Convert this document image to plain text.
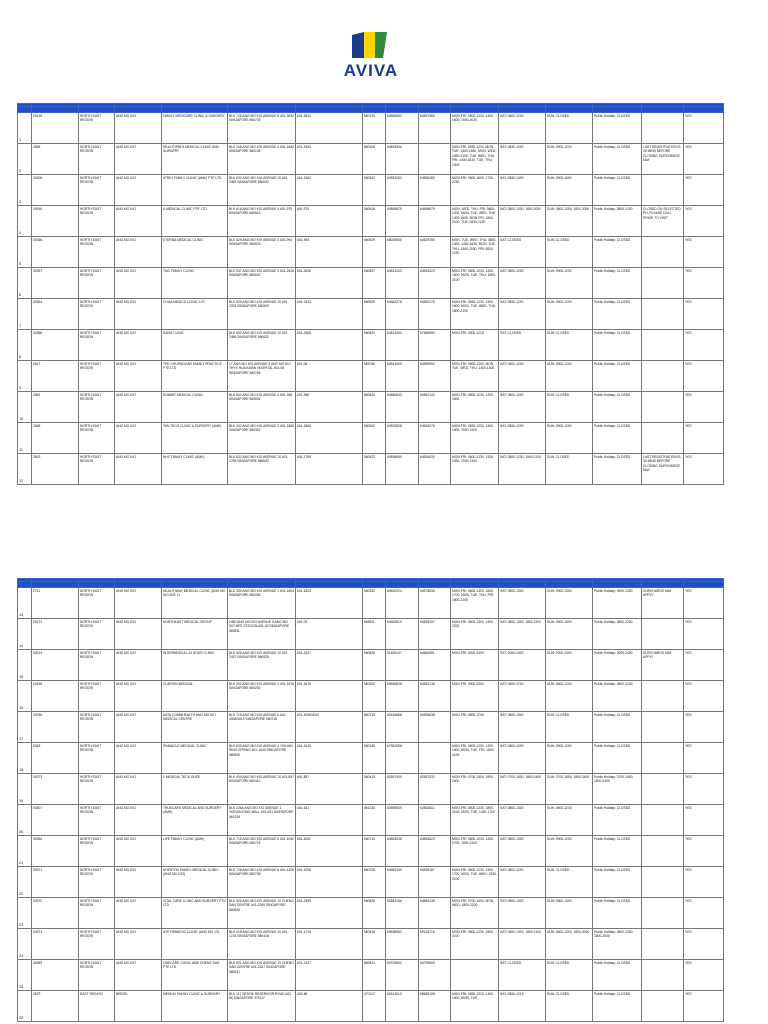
AVIVA

1	00139	NORTH EAST REGION	ANG MO KIO	FAMILY MEDICARE CLINIC & SURGERY	BLK 725 ANG MO KIO AVENUE 6 #01-3833 SINGAPORE 560725	#01-3833	560725	64566682	64597580	MON-FRI: 0800-1230, 1400-1600, 1900-2030	SAT: 0800-1230	SUN: CLOSED	Public Holiday: CLOSED		YES
2	2898	NORTH EAST REGION	ANG MO KIO	HEALTHPATH MEDICAL CLINIC AND SURGERY	BLK 108 ANG MO KIO AVENUE 4 #01-1653 SINGAPORE 560108	#01-1653	560108	64833936		MON-FRI: 0830-1230, MON, TUE: 1400-1630, MON, WED: 1830-2100, TUE, WED, THU, FRI: 1400-1630, TUE, THU: 1900	SAT: 0830-1230	SUN: 0900-1230	Public Holiday: CLOSED	LAST REGISTRATION IS 30 MINS BEFORE CLOSING SURCHARGE MAY	YES
3	00305	NORTH EAST REGION	ANG MO KIO	ATRIO FAMILY CLINIC (AMK) PTE LTD	BLK 632 ANG MO KIO AVENUE 10 #01-2462 SINGAPORE 560632	#01-2462	560632	64553282	64556280	MON-FRI: 0800-1600, 1730-2230	SAT: 0830-1400	SUN: 0900-1600	Public Holiday: CLOSED		YES
4	00916	NORTH EAST REGION	ANG MO KIO	K MEDICAL CLINIC PTE LTD	BLK 616 ANG MO KIO AVENUE 4 #01-975 SINGAPORE 560616	#01-975	560616	64545675	64546675	MON, WED, THU, FRI: 0800-1200, MON, TUE, WED, THU: 1400-1600, MON-FRI: 1800-2100, TUE: 0830-1230	SAT: 0800-1200, 1800-2000	SUN: 0800-1200, 1800-2000	Public Holiday: 0800-1200	CLOSED ON SELECTED PH, PLEASE CALL PRIOR TO VISIT	YES
5	00166	NORTH EAST REGION	ANG MO KIO	ETERNA MEDICAL CLINIC	BLK 629 ANG MO KIO AVENUE 4 #01-994 SINGAPORE 560629	#01-994	560629	68025850	64529780	MON, TUE, WED, THU: 0800-1300, 1400-1630, MON, TUE, THU: 1800-2030, FRI: 0830-1230	SAT: CLOSED	SUN: CLOSED	Public Holiday: CLOSED		YES
6	00397	NORTH EAST REGION	ANG MO KIO	TNG FAMILY CLINIC	BLK 537 ANG MO KIO AVENUE 3 #01-2526 SINGAPORE 560537	#01-2526	560537	64541203	64543220	MON-FRI: 0800-1230, 1400-1600, MON, TUE, THU: 1800-2100	SAT: 0800-1230	SUN: 0900-1230	Public Holiday: CLOSED		YES
7	00364	NORTH EAST REGION	ANG MO KIO	CHUA MEDICO CLINIC LLP	BLK 529 ANG MO KIO AVENUE 10 #01-2323 SINGAPORE 560529	#01-2323	560529	64562275	64562275	MON-FRI: 0830-1230, 1400-1600, MON, TUE, WED, THU: 1800-2100	SAT: 0830-1230	SUN: 0900-1230	Public Holiday: CLOSED		YES
8	00366	NORTH EAST REGION	ANG MO KIO	KANG CLINIC	BLK 632 ANG MO KIO AVENUE 10 #01-2465 SINGAPORE 560632	#01-2465	560632	64813364	67658590	MON-FRI: 0900-1215	SAT: CLOSED	SUN: CLOSED	Public Holiday: CLOSED		YES
9	2817	NORTH EAST REGION	ANG MO KIO	THE CHURNDOAR FAMILY PRACTICE PTE LTD	17 ANG MO KIO AVENUE 9 ANG MO KIO THYE HUA KWAN HOSPITAL #01-06 SINGAPORE 569766	#01-06	569766	64541009	64556992	MON-FRI: 0800-1200, MON, TUE, WED, THU: 1400-1600	SAT: 0800-1230	SUN: 0900-1200	Public Holiday: CLOSED		YES
10	2682	NORTH EAST REGION	ANG MO KIO	SUMMIT MEDICAL CLINIC	BLK 632 ANG MO KIO AVENUE 4 #01-956 SINGAPORE 560632	#01-956	560632	64560843	64562143	MON-FRI: 0800-1230, 1330-1500	SAT: 0800-1230	SUN: CLOSED	Public Holiday: CLOSED		YES
11	2668	NORTH EAST REGION	ANG MO KIO	TAN TECH CLINIC & SURGERY (AMK)	BLK 302 ANG MO KIO AVENUE 3 #01-1866 SINGAPORE 560302	#01-1866	560302	64520828	64526278	MON-FRI: 0830-1230, 1400-1600, 1900-2100	SAT: 0830-1230	SUN: 0900-1200	Public Holiday: CLOSED		YES
12	2503	NORTH EAST REGION	ANG MO KIO	NHC FAMILY CLINIC (AMK)	BLK 632 ANG MO KIO AVENUE 10 #01-1789 SINGAPORE 560632	#01-1789	560632	64536950	64526430	MON-FRI: 0800-1230, 1330-1530, 1900-2100	SAT: 0800-1230, 1900-2100	SUN: CLOSED	Public Holiday: CLOSED	LAST REGISTRATION IS 30 MINS BEFORE CLOSING SURCHARGE MAY	YES

13	2741	NORTH EAST REGION	ANG MO KIO	HEALTHWAY MEDICAL CLINIC (ANG MO KIO AVE 1)	BLK 330 ANG MO KIO AVENUE 1 #01-1803 SINGAPORE 560330	#01-1803	560330	65540024	64578636	MON-FRI: 0800-1400, 1800-1700, MON, TUE, THU, FRI: 1800-2100	SAT: 0800-1300	SUN: 0900-1300	Public Holiday: 0900-1300	SURCHARGE MAY APPLY	YES
14	00172	NORTH EAST REGION	ANG MO KIO	NORTHEAST MEDICAL GROUP	2450 ANG MO KIO AVENUE 8 ANG MO KIO MRT STATION #01-02 SINGAPORE 569811	#01-02	569811	64563810	64535197	MON-FRI: 0800-1300, 1400-2200	SAT: 0800-1300, 1800-2200	SUN: 0900-1600	Public Holiday: 0800-2200		YES
15	00219	NORTH EAST REGION	ANG MO KIO	INTERMEDICAL 24 HOUR CLINIC	BLK 525 ANG MO KIO AVENUE 10 #01-2437 SINGAPORE 560525	#01-2437	560525	31630147	64660891	MON-FRI: 0000-2400	SAT: 0000-2400	SUN: 0000-2400	Public Holiday: 0000-2400	SURCHARGE MAY APPLY	YES
16	00196	NORTH EAST REGION	ANG MO KIO	CLARION MEDICAL	BLK 202 ANG MO KIO AVENUE 3 #01-1676 SINGAPORE 560202	#01-1676	560202	65546838	64552138	MON-FRI: 0900-2000	SAT: 0800-1700	SUN: 0800-1230	Public Holiday: 0800-1230		YES
17	00335	NORTH EAST REGION	ANG MO KIO	SATA COMMHEALTH ANG MO KIO MEDICAL CENTRE	BLK 715 ANG MO KIO AVENUE 6 #01-4008/4010 SINGAPORE 560715	#01-4008/4010	560715	62446688	64595638	MON-FRI: 0800-1700	SAT: 0800-1300	SUN: CLOSED	Public Holiday: CLOSED		YES
18	0048	NORTH EAST REGION	ANG MO KIO	PINNACLE MEDICAL CLINIC	BLK 630 ANG MO KIO AVENUE 4 YISHUN RING SPRING #01-1643 SINGAPORE 560630	#01-1643	560135	67381596		MON-FRI: 0800-1230, 1400-1600, MON, TUE, FRI: 1800-2100	SAT: 0800-1200	SUN: 0900-1200	Public Holiday: CLOSED		YES
19	00373	NORTH EAST REGION	ANG MO KIO	1 MEDICAL TECK GHEE	BLK 430 ANG MO KIO AVENUE 10 #01-857 SINGAPORE 560410	#01-857	560410	62557930	62557032	MON-FRI: 0700-1500, 1800-2400	SAT: 0700-1500, 1800-2400	SUN: 0700-1500, 1800-2400	Public Holiday: 0700-1500, 1800-2400		YES
20	00307	NORTH EAST REGION	ANG MO KIO	TRUECARE MEDICAL AND SURGERY (AMK)	BLK 226A ANG MO KIO AVENUE 1 YISHUN RING MALL #01-631 SINGAPORE 561226	#01-631	561226	62569849	62552811	MON-FRI: 0800-1230, 1800-2100, MON, TUE, 1400-1700	SAT: 0800-1300	SUN: 0800-1230	Public Holiday: CLOSED		YES
21	00356	NORTH EAST REGION	ANG MO KIO	LIFE FAMILY CLINIC (AMK)	BLK 715 ANG MO KIO AVENUE 6 #01-4052 SINGAPORE 560715	#01-4052	560715	64563535	64563620	MON-FRI: 0800-1230, 1400-1700, 1800-2100	SAT: 0800-1300	SUN: 0900-1200	Public Holiday: CLOSED		YES
22	00371	NORTH EAST REGION	ANG MO KIO	SHENTON FAMILY MEDICAL CLINIC (ANG MO KIO)	BLK 728 ANG MO KIO AVENUE 6 #01-4206 SINGAPORE 560728	#01-4206	560728	64563150	64539187	MON-FRI: 0800-1230, 1400-1700, MON, TUE, WED: 1900-2100	SAT: 0800-1230	SUN: CLOSED	Public Holiday: CLOSED		YES
23	00370	NORTH EAST REGION	ANG MO KIO	VITAL CARE CLINIC AND SURGERY PTE LTD	BLK 525 ANG MO KIO AVENUE 10 CHENG SAN CENTRE #01-2399 SINGAPORE 560525	#01-2399	560525	62583156	64565136	MON-FRI: 0700-1500, MON, WED: 1800-2200	SAT: 0800-1300	SUN: 0800-1300	Public Holiday: CLOSED		YES
24	00374	NORTH EAST REGION	ANG MO KIO	AYP FIRMEDIC CLINIC (ANG MO 10)	BLK 418 ANG MO KIO AVENUE 10 #01-1715 SINGAPORE 560418	#01-1715	560418	69638982	69125716	MON-FRI: 0800-1230, 1800-2100	SAT: 0800-1300, 1800-2100	SUN: 0800-1300, 1800-2000	Public Holiday: 0800-1300, 1800-2000		YES
25	00389	NORTH EAST REGION	ANG MO KIO	ONECARE CLINIC AMK CHENG SAN PTE LTD	BLK 531 ANG MO KIO AVENUE 10 CHENG SAN CENTRE #01-2437 SINGAPORE 560531	#01-2437	560531	69793802	64799805		SAT: CLOSED	SUN: CLOSED	Public Holiday: CLOSED		YES
26	2679	EAST REGION	BEDOK	MEDIHU FAMILY CLINIC & SURGERY	BLK 117 BEDOK RESERVOIR ROAD #02-68 SINGAPORE 470117	#02-68	470117	62441613	68489105	MON-FRI: 0830-1215, 1400-1600, MON, TUE,	SAT: 0830-1215	SUN: CLOSED	Public Holiday: CLOSED		YES
